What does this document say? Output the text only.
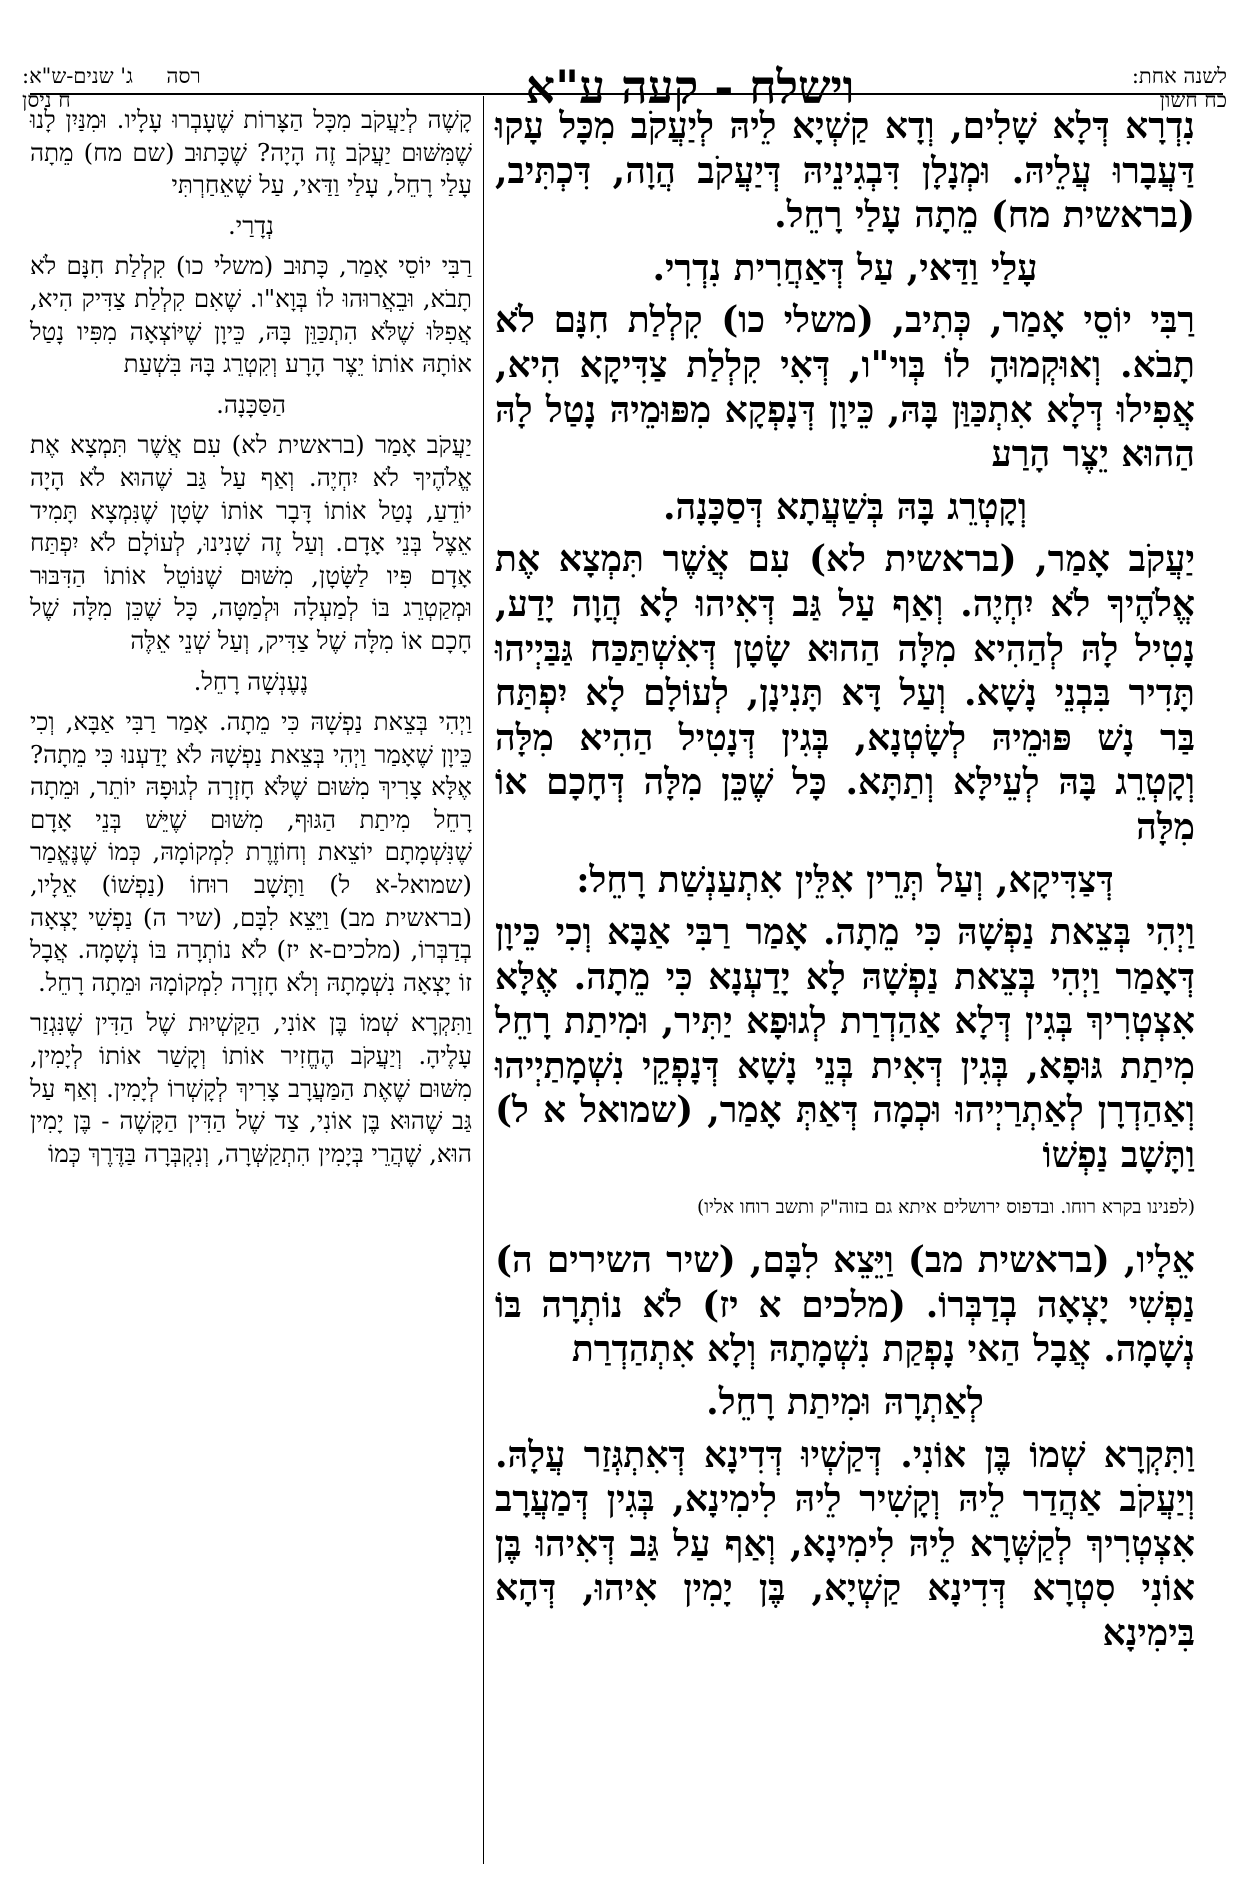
לשנה אחת:
כח חשון
וישלח - קעה ע"א
רסה     ג' שנים-ש"א:
ח ניסן

נִדְרָא דְּלָא שָׁלִים, וְדָא קַשְׁיָא לֵיהּ לְיַעֲקֹב מִכָּל עָקוּ דַּעֲבָרוּ עֲלֵיהּ. וּמְנָלָן דִּבְגִינֵיהּ דְּיַעֲקֹב הֲוָה, דִּכְתִּיב, (בראשית מח) מֵתָה עָלַי רָחֵל.

עָלַי וַדַּאי, עַל דְּאַחֲרִית נִדְרִי.

רַבִּי יוֹסֵי אָמַר, כְּתִיב, (משלי כו) קִלְלַת חִנָּם לֹא תָבֹא. וְאוּקְמוּהָ לוֹ בְּוי"ו, דְּאִי קִלְלַת צַדִּיקָא הִיא, אֲפִילוּ דְּלָא אִתְכַּוַּן בָּהּ, כֵּיוָן דְּנָפְקָא מִפּוּמֵיהּ נָטַל לָהּ הַהוּא יֵצֶר הָרַע

וְקָטְרֵג בָּהּ בְּשַׁעֲתָא דְּסַכָּנָה.

יַעֲקֹב אָמַר, (בראשית לא) עִם אֲשֶׁר תִּמְצָא אֶת אֱלֹהֶיךָ לֹא יִחְיֶה. וְאַף עַל גַּב דְּאִיהוּ לָא הֲוָה יָדַע, נָטִיל לָהּ לְהַהִיא מִלָּה הַהוּא שָׂטָן דְּאִשְׁתַּכַּח גַּבַּיְיהוּ תָּדִיר בִּבְנֵי נָשָׁא. וְעַל דָּא תָּנִינָן, לְעוֹלָם לָא יִפְתַּח בַּר נָשׁ פּוּמֵיהּ לְשָׂטְנָא, בְּגִין דְּנָטִיל הַהִיא מִלָּה וְקָטְרֵג בָּהּ לְעֵילָּא וְתַתָּא. כָּל שֶׁכֵּן מִלָּה דְּחָכָם אוֹ מִלָּה

דְּצַדִּיקָא, וְעַל תְּרֵין אִלֵּין אִתְעַנְשַׁת רָחֵל:

וַיְהִי בְּצֵאת נַפְשָׁהּ כִּי מֵתָה. אָמַר רַבִּי אַבָּא וְכִי כֵּיוָן דְּאָמַר וַיְהִי בְּצֵאת נַפְשָׁהּ לָא יָדַעְנָא כִּי מֵתָה. אֶלָּא אִצְטְרִיךְ בְּגִין דְּלָא אַהַדְרַת לְגוּפָא יַתִּיר, וּמִיתַת רָחֵל מִיתַת גּוּפָא, בְּגִין דְּאִית בְּנֵי נָשָׁא דְּנָפְקֵי נִשְׁמָתַיְיהוּ וְאַהַדְרָן לְאַתְרַיְיהוּ וּכְמָה דְּאַתְּ אָמַר, (שמואל א ל) וַתָּשָׁב נַפְשׁוֹ

(לפנינו בקרא רוחו. ובדפוס ירושלים איתא גם בזוה"ק ותשב רוחו אליו)

אֵלָיו, (בראשית מב) וַיֵּצֵא לִבָּם, (שיר השירים ה) נַפְשִׁי יָצְאָה בְדַבְּרוֹ. (מלכים א יז) לֹא נוֹתְרָה בּוֹ נְשָׁמָה. אֲבָל הַאי נָפְקַת נִשְׁמָתָהּ וְלָא אִתְהַדְרַת

לְאַתְרָהּ וּמִיתַת רָחֵל.

וַתִּקְרָא שְׁמוֹ בֶּן אוֹנִי. דְּקַשְׁיוּ דְּדִינָא דְּאִתְגְּזַר עֲלָהּ. וְיַעֲקֹב אַהֲדַר לֵיהּ וְקָשִׁיר לֵיהּ לִימִינָא, בְּגִין דְּמַעֲרָב אִצְטְרִיךְ לְקַשְּׁרָא לֵיהּ לִימִינָא, וְאַף עַל גַּב דְּאִיהוּ בֶּן אוֹנִי סִטְרָא דְּדִינָא קַשְׁיָא, בֶּן יָמִין אִיהוּ, דְּהָא בִּימִינָא

קָשֶׁה לְיַעֲקֹב מִכָּל הַצָּרוֹת שֶׁעָבְרוּ עָלָיו. וּמִנַּיִן לָנוּ שֶׁמִּשּׁוּם יַעֲקֹב זֶה הָיָה? שֶׁכָּתוּב (שם מח) מֵתָה עָלַי רָחֵל, עָלַי וַדַּאי, עַל שֶׁאֵחַרְתִּי

נְדָרַי.

רַבִּי יוֹסֵי אָמַר, כָּתוּב (משלי כו) קִלְלַת חִנָּם לֹא תָבֹא, וּבֵאֲרוּהוּ לוֹ בְּוָא"ו. שֶׁאִם קִלְלַת צַדִּיק הִיא, אֲפִלּוּ שֶׁלֹּא הִתְכַּוֵּן בָּהּ, כֵּיוָן שֶׁיּוֹצְאָה מִפִּיו נָטַל אוֹתָהּ אוֹתוֹ יֵצֶר הָרָע וְקִטְרֵג בָּהּ בִּשְׁעַת

הַסַּכָּנָה.

יַעֲקֹב אָמַר (בראשית לא) עִם אֲשֶׁר תִּמְצָא אֶת אֱלֹהֶיךָ לֹא יִחְיֶה. וְאַף עַל גַּב שֶׁהוּא לֹא הָיָה יוֹדֵעַ, נָטַל אוֹתוֹ דָּבָר אוֹתוֹ שָׂטָן שֶׁנִּמְצָא תָּמִיד אֵצֶל בְּנֵי אָדָם. וְעַל זֶה שָׁנִינוּ, לְעוֹלָם לֹא יִפְתַּח אָדָם פִּיו לַשָּׂטָן, מִשּׁוּם שֶׁנּוֹטֵל אוֹתוֹ הַדִּבּוּר וּמְקַטְרֵג בּוֹ לְמַעְלָה וּלְמַטָּה, כָּל שֶׁכֵּן מִלָּה שֶׁל חָכָם אוֹ מִלָּה שֶׁל צַדִּיק, וְעַל שְׁנֵי אֵלֶּה

נֶעֶנְשָׁה רָחֵל.

וַיְהִי בְּצֵאת נַפְשָׁהּ כִּי מֵתָה. אָמַר רַבִּי אַבָּא, וְכִי כֵּיוָן שֶׁאָמַר וַיְהִי בְּצֵאת נַפְשָׁהּ לֹא יָדַעְנוּ כִּי מֵתָה? אֶלָּא צָרִיךְ מִשּׁוּם שֶׁלֹּא חָזְרָה לְגוּפָהּ יוֹתֵר, וּמֵתָה רָחֵל מִיתַת הַגּוּף, מִשּׁוּם שֶׁיֵּשׁ בְּנֵי אָדָם שֶׁנִּשְׁמָתָם יוֹצֵאת וְחוֹזֶרֶת לִמְקוֹמָהּ, כְּמוֹ שֶׁנֶּאֱמַר (שמואל-א ל) וַתָּשָׁב רוּחוֹ (נַפְשׁוֹ) אֵלָיו, (בראשית מב) וַיֵּצֵא לִבָּם, (שיר ה) נַפְשִׁי יָצְאָה בְדַבְּרוֹ, (מלכים-א יז) לֹא נוֹתְרָה בּוֹ נְשָׁמָה. אֲבָל זוֹ יָצְאָה נִשְׁמָתָהּ וְלֹא חָזְרָה לִמְקוֹמָהּ וּמֵתָה רָחֵל.

וַתִּקְרָא שְׁמוֹ בֶּן אוֹנִי, הַקַּשְׁיוּת שֶׁל הַדִּין שֶׁנִּגְזַר עָלֶיהָ. וְיַעֲקֹב הֶחֱזִיר אוֹתוֹ וְקָשַׁר אוֹתוֹ לְיָמִין, מִשּׁוּם שֶׁאֶת הַמַּעֲרָב צָרִיךְ לְקָשְׁרוֹ לְיָמִין. וְאַף עַל גַּב שֶׁהוּא בֶּן אוֹנִי, צַד שֶׁל הַדִּין הַקָּשֶׁה - בֶּן יָמִין הוּא, שֶׁהֲרֵי בְּיָמִין הִתְקַשְּׁרָה, וְנִקְבְּרָה בַּדֶּרֶךְ כְּמוֹ
